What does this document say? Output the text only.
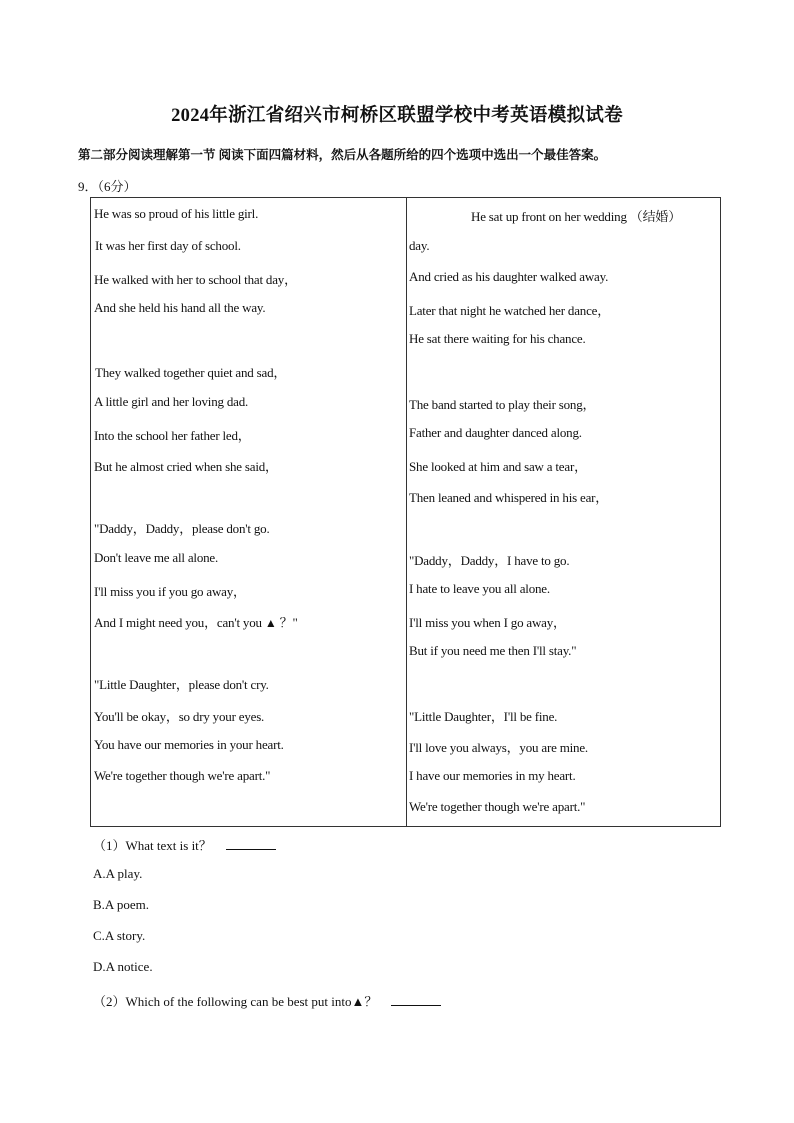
2024年浙江省绍兴市柯桥区联盟学校中考英语模拟试卷
第二部分阅读理解第一节 阅读下面四篇材料，然后从各题所给的四个选项中选出一个最佳答案。
9．（6分）
He was so proud of his little girl.
It was her first day of school.
He walked with her to school that day，
And she held his hand all the way.
They walked together quiet and sad，
A little girl and her loving dad.
Into the school her father led，
But he almost cried when she said，
"Daddy，Daddy，please don't go.
Don't leave me all alone.
I'll miss you if you go away，
And I might need you，can't you ▲ ？"
"Little Daughter，please don't cry.
You'll be okay，so dry your eyes.
You have our memories in your heart.
We're together though we're apart."
He sat up front on her wedding （结婚）
day.
And cried as his daughter walked away.
Later that night he watched her dance，
He sat there waiting for his chance.
The band started to play their song，
Father and daughter danced along.
She looked at him and saw a tear，
Then leaned and whispered in his ear，
"Daddy，Daddy，I have to go.
I hate to leave you all alone.
I'll miss you when I go away，
But if you need me then I'll stay."
"Little Daughter，I'll be fine.
I'll love you always，you are mine.
I have our memories in my heart.
We're together though we're apart."
（1）What text is it？
A.A play.
B.A poem.
C.A story.
D.A notice.
（2）Which of the following can be best put into▲？
